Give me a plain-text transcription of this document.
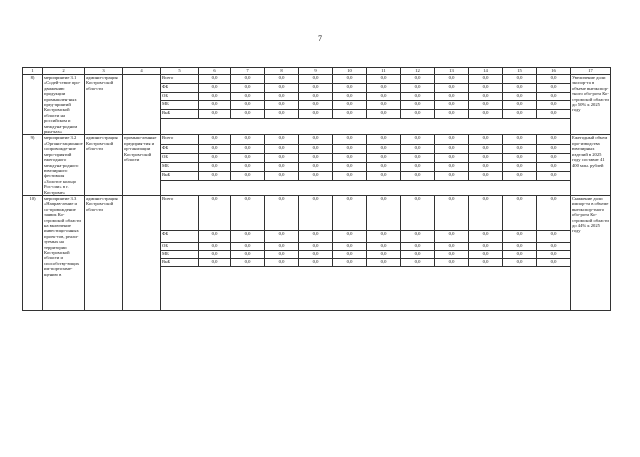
7
1	2	3	4	5	6	7	8	9	10	11	12	13	14	15	16	17
8)	мероприятие 3.1 «Содей-ствие про-движению продукции промышлен-ных пред-приятий Костромской области на российском и междуна-родном рын-ках»	админи-страция Костром-ской обла-сти		Всего	0,0	0,0	0,0	0,0	0,0	0,0	0,0	0,0	0,0	0,0	0,0	Увеличение доли экспор-та в объеме внеэкспор-тного обо-рота Ко-стромской области до 50% к 2025 году
				ФБ	0,0	0,0	0,0	0,0	0,0	0,0	0,0	0,0	0,0	0,0	0,0	
				ОБ	0,0	0,0	0,0	0,0	0,0	0,0	0,0	0,0	0,0	0,0	0,0	
				МБ	0,0	0,0	0,0	0,0	0,0	0,0	0,0	0,0	0,0	0,0	0,0	
				ВнБ	0,0	0,0	0,0	0,0	0,0	0,0	0,0	0,0	0,0	0,0	0,0	

9)	мероприятие 3.2 «Органи-зационное сопровожде-ние меро-приятий ежегодного междуна-родного ювелирного фестиваля «Золотое кольцо Рос-сии» в г. Костроме»	админи-страция Костром-ской обла-сти	промыш-ленные предприя-тия и ор-ганизации Костром-ской области	Всего	0,0	0,0	0,0	0,0	0,0	0,0	0,0	0,0	0,0	0,0	0,0	Ежегодный объем про-изводства ювелирных изделий в 2025 году составит 41 400 млн. рублей
				ФБ	0,0	0,0	0,0	0,0	0,0	0,0	0,0	0,0	0,0	0,0	0,0	
				ОБ	0,0	0,0	0,0	0,0	0,0	0,0	0,0	0,0	0,0	0,0	0,0	
				МБ	0,0	0,0	0,0	0,0	0,0	0,0	0,0	0,0	0,0	0,0	0,0	
				ВнБ	0,0	0,0	0,0	0,0	0,0	0,0	0,0	0,0	0,0	0,0	0,0	

10)	мероприятие 3.3 «Направ-ление и со-провождение заявок Ко-стромской области на включение инвестици-онных проек-тов, реали-зуемых на территории Костромской области и способству-ющих им-портозаме-щению в	админи-страция Костром-ской обла-сти		Всего	0,0	0,0	0,0	0,0	0,0	0,0	0,0	0,0	0,0	0,0	0,0	Снижение доли импор-та в объеме внеэкспор-тного обо-рота Ко-стромской области до 44% к 2025 году
				ФБ	0,0	0,0	0,0	0,0	0,0	0,0	0,0	0,0	0,0	0,0	0,0	
				ОБ	0,0	0,0	0,0	0,0	0,0	0,0	0,0	0,0	0,0	0,0	0,0	
				МБ	0,0	0,0	0,0	0,0	0,0	0,0	0,0	0,0	0,0	0,0	0,0	
				ВнБ	0,0	0,0	0,0	0,0	0,0	0,0	0,0	0,0	0,0	0,0	0,0	
